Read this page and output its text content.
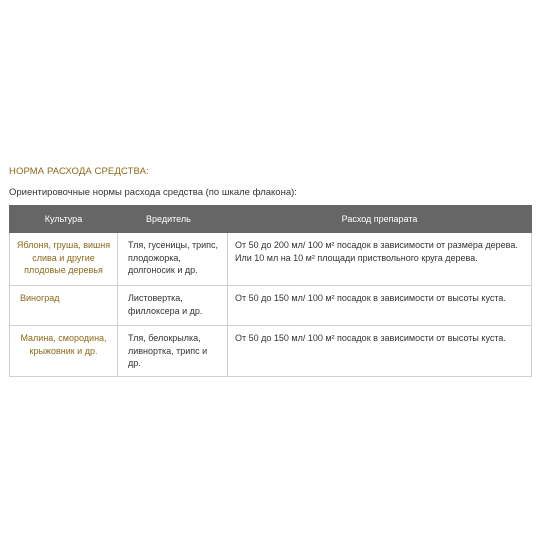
НОРМА РАСХОДА СРЕДСТВА:
Ориентировочные нормы расхода средства (по шкале флакона):
Культура	Вредитель	Расход препарата
Яблоня, груша, вишня слива и другие плодовые деревья	Тля, гусеницы, трипс, плодожорка, долгоносик и др.	От 50 до 200 мл/ 100 м² посадок в зависимости от размера дерева. Или 10 мл на 10 м² площади приствольного круга дерева.
Виноград	Листовертка, филлоксера и др.	От 50 до 150 мл/ 100 м² посадок в зависимости от высоты куста.
Малина, смородина, крыжовник и др.	Тля, белокрылка, ливнортка, трипс и др.	От 50 до 150 мл/ 100 м² посадок в зависимости от высоты куста.
